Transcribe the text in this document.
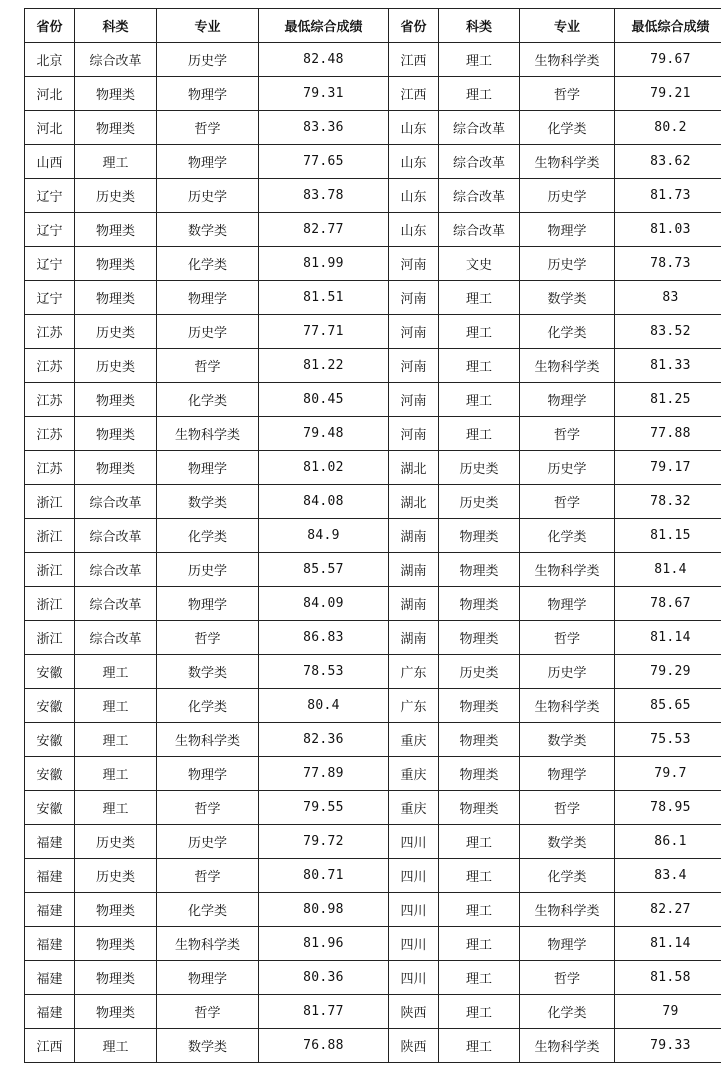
省份	科类	专业	最低综合成绩	省份	科类	专业	最低综合成绩
北京	综合改革	历史学	82.48	江西	理工	生物科学类	79.67
河北	物理类	物理学	79.31	江西	理工	哲学	79.21
河北	物理类	哲学	83.36	山东	综合改革	化学类	80.2
山西	理工	物理学	77.65	山东	综合改革	生物科学类	83.62
辽宁	历史类	历史学	83.78	山东	综合改革	历史学	81.73
辽宁	物理类	数学类	82.77	山东	综合改革	物理学	81.03
辽宁	物理类	化学类	81.99	河南	文史	历史学	78.73
辽宁	物理类	物理学	81.51	河南	理工	数学类	83
江苏	历史类	历史学	77.71	河南	理工	化学类	83.52
江苏	历史类	哲学	81.22	河南	理工	生物科学类	81.33
江苏	物理类	化学类	80.45	河南	理工	物理学	81.25
江苏	物理类	生物科学类	79.48	河南	理工	哲学	77.88
江苏	物理类	物理学	81.02	湖北	历史类	历史学	79.17
浙江	综合改革	数学类	84.08	湖北	历史类	哲学	78.32
浙江	综合改革	化学类	84.9	湖南	物理类	化学类	81.15
浙江	综合改革	历史学	85.57	湖南	物理类	生物科学类	81.4
浙江	综合改革	物理学	84.09	湖南	物理类	物理学	78.67
浙江	综合改革	哲学	86.83	湖南	物理类	哲学	81.14
安徽	理工	数学类	78.53	广东	历史类	历史学	79.29
安徽	理工	化学类	80.4	广东	物理类	生物科学类	85.65
安徽	理工	生物科学类	82.36	重庆	物理类	数学类	75.53
安徽	理工	物理学	77.89	重庆	物理类	物理学	79.7
安徽	理工	哲学	79.55	重庆	物理类	哲学	78.95
福建	历史类	历史学	79.72	四川	理工	数学类	86.1
福建	历史类	哲学	80.71	四川	理工	化学类	83.4
福建	物理类	化学类	80.98	四川	理工	生物科学类	82.27
福建	物理类	生物科学类	81.96	四川	理工	物理学	81.14
福建	物理类	物理学	80.36	四川	理工	哲学	81.58
福建	物理类	哲学	81.77	陕西	理工	化学类	79
江西	理工	数学类	76.88	陕西	理工	生物科学类	79.33
